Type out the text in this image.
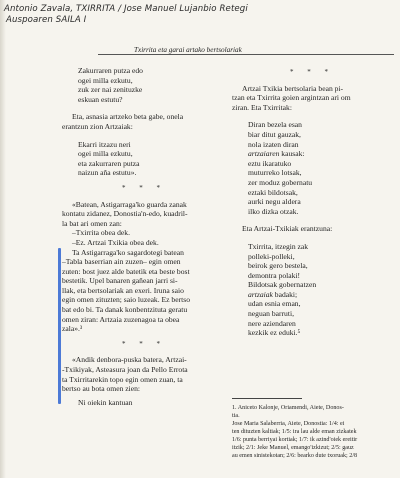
Antonio Zavala, TXIRRITA / Jose Manuel Lujanbio Retegi
Auspoaren SAILA I
Txirrita eta garai artako bertsolariak
Zakurraren putza edo
ogei milla ezkutu,
zuk zer nai zenituzke
eskuan estutu?
Eta, asnasia artzeko beta gabe, onela
erantzun zion Artzaiak:
Ekarri itzazu neri
ogei milla ezkutu,
eta zakurraren putza
naizun aña estutu».
* * *
«Batean, Astigarraga'ko guarda zanak
kontatu zidanez, Donostia'n-edo, kuadril-
la bat ari omen zan:
–Txirrita obea dek.
–Ez. Artzai Txikia obea dek.
Ta Astigarraga'ko sagardotegi batean
–Tabla baserrian ain zuzen– egin omen
zuten: bost juez alde batetik eta beste bost
bestetik. Upel banaren gañean jarri si-
llak, eta bertsolariak an exeri. Iruna saio
egin omen zituzten; saio luzeak. Ez bertso
bat edo bi. Ta danak konbentzituta geratu
omen ziran: Artzaia zuzenagoa ta obea
zala».³
* * *
«Andik denbora-puska batera, Artzai-
-Txikiyak, Asteasura joan da Pello Errota
ta Txirritarekin topo egin omen zuan, ta
bertso au bota omen zien:
Ni oiekin kantuan
* * *
Artzai Txikia bertsolaria bean pi-
tzan eta Txirrita goien argintzan ari om
ziran. Eta Txirritak:
Diran bezela esan
biar ditut gauzak,
nola izaten diran
artzaiaren kausak:
eztu ikaratuko
muturreko lotsak,
zer moduz gobernatu
eztaki bildotsak,
aurki negu aldera
ilko dizka otzak.
Eta Artzai-Txikiak erantzuna:
Txirrita, itzegin zak
polleki-polleki,
beirok gero bestela,
demontra polaki!
Bildotsak gobernatzen
artzaiak badaki;
udan esnia eman,
neguan barruti,
nere aziendaren
kezkik ez eduki.⁵
1. Aniceto Kalonje, Oriamendi, Aiete, Donos-
tia.
Jose Maria Salaberria, Aiete, Donostia: 1/4: ei
ten dituzten kaltiak; 1/5: ira lau alde eman zizkatek
1/6: punta berriyai kortiak; 1/7: ik azind'oiek ereitir
itzik; 2/1: Jeke Manuel, emango'izkizut; 2/5: gauz
au emen sinistekotan; 2/6: bearko dute txoruak; 2/8
